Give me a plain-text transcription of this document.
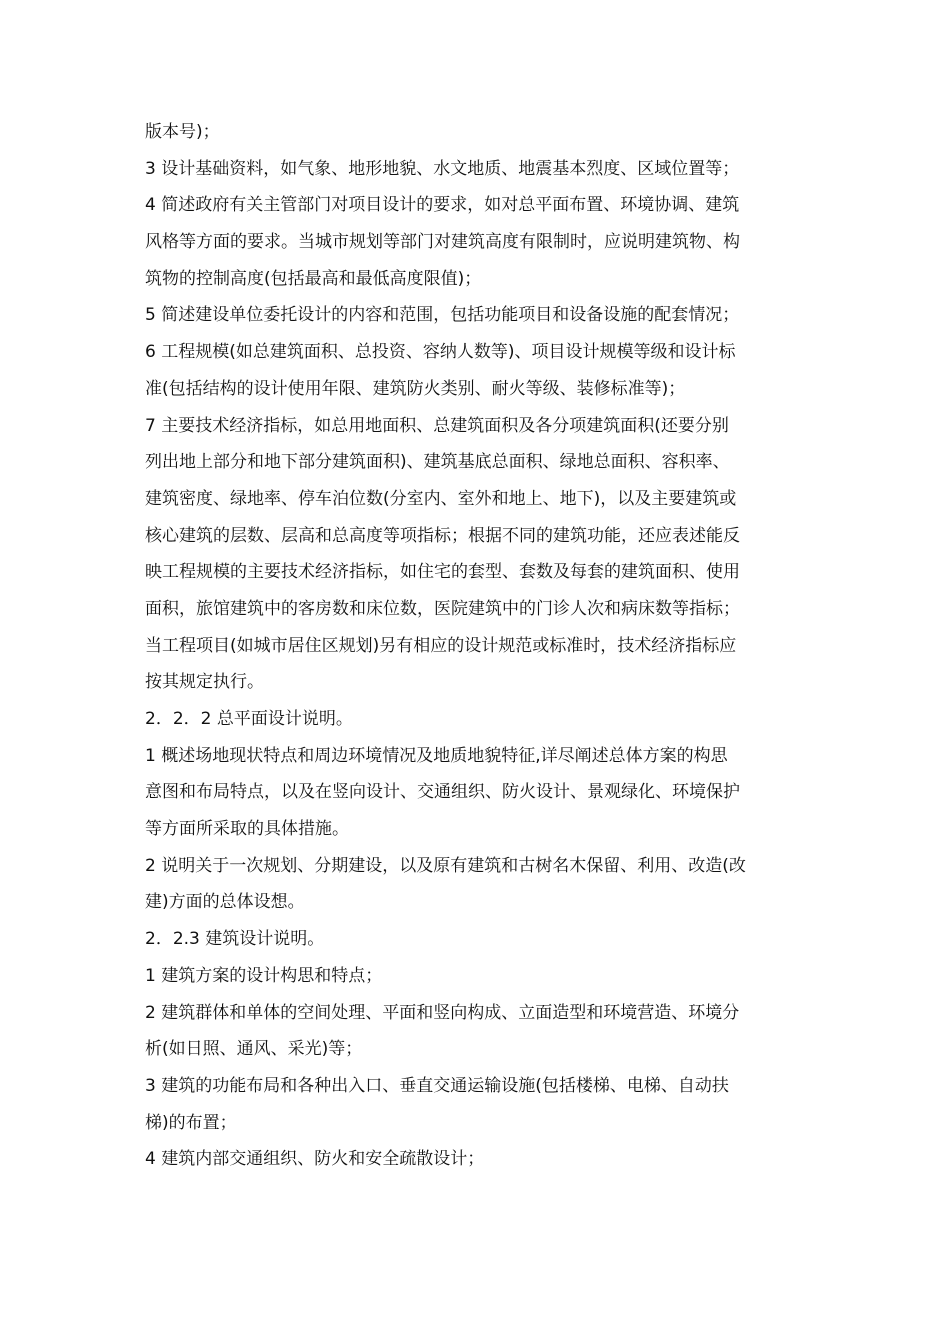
版本号)；
3 设计基础资料，如气象、地形地貌、水文地质、地震基本烈度、区域位置等；
4 简述政府有关主管部门对项目设计的要求，如对总平面布置、环境协调、建筑
风格等方面的要求。当城市规划等部门对建筑高度有限制时，应说明建筑物、构
筑物的控制高度(包括最高和最低高度限值)；
5 简述建设单位委托设计的内容和范围，包括功能项目和设备设施的配套情况；
6 工程规模(如总建筑面积、总投资、容纳人数等)、项目设计规模等级和设计标
准(包括结构的设计使用年限、建筑防火类别、耐火等级、装修标准等)；
7 主要技术经济指标，如总用地面积、总建筑面积及各分项建筑面积(还要分别
列出地上部分和地下部分建筑面积)、建筑基底总面积、绿地总面积、容积率、
建筑密度、绿地率、停车泊位数(分室内、室外和地上、地下)，以及主要建筑或
核心建筑的层数、层高和总高度等项指标；根据不同的建筑功能，还应表述能反
映工程规模的主要技术经济指标，如住宅的套型、套数及每套的建筑面积、使用
面积，旅馆建筑中的客房数和床位数，医院建筑中的门诊人次和病床数等指标；
当工程项目(如城市居住区规划)另有相应的设计规范或标准时，技术经济指标应
按其规定执行。
2．2．2 总平面设计说明。
1 概述场地现状特点和周边环境情况及地质地貌特征,详尽阐述总体方案的构思
意图和布局特点，以及在竖向设计、交通组织、防火设计、景观绿化、环境保护
等方面所采取的具体措施。
2 说明关于一次规划、分期建设，以及原有建筑和古树名木保留、利用、改造(改
建)方面的总体设想。
2．2.3 建筑设计说明。
1 建筑方案的设计构思和特点；
2 建筑群体和单体的空间处理、平面和竖向构成、立面造型和环境营造、环境分
析(如日照、通风、采光)等；
3 建筑的功能布局和各种出入口、垂直交通运输设施(包括楼梯、电梯、自动扶
梯)的布置；
4 建筑内部交通组织、防火和安全疏散设计；
